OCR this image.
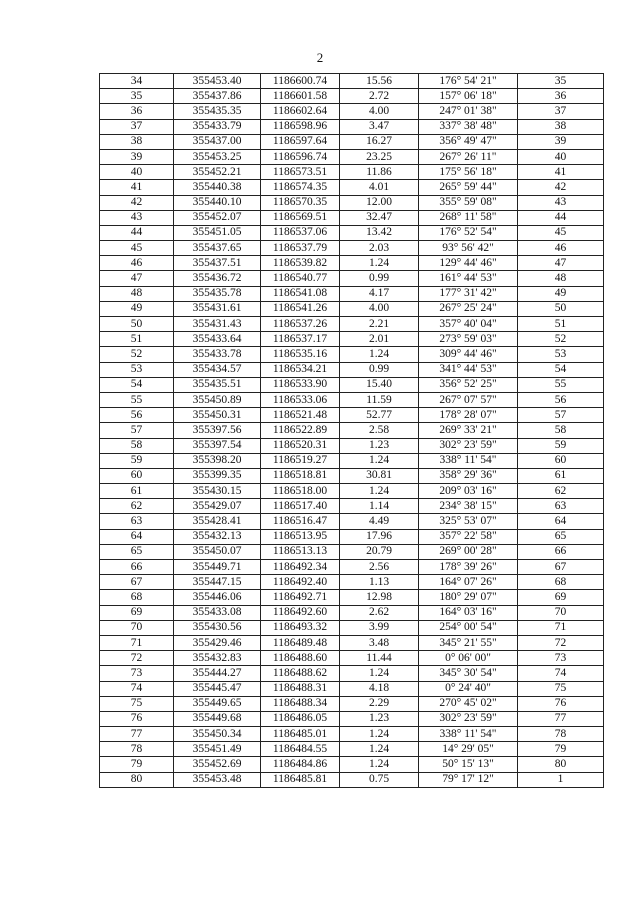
2
34	355453.40	1186600.74	15.56	176° 54' 21"	35
35	355437.86	1186601.58	2.72	157° 06' 18"	36
36	355435.35	1186602.64	4.00	247° 01' 38"	37
37	355433.79	1186598.96	3.47	337° 38' 48"	38
38	355437.00	1186597.64	16.27	356° 49' 47"	39
39	355453.25	1186596.74	23.25	267° 26' 11"	40
40	355452.21	1186573.51	11.86	175° 56' 18"	41
41	355440.38	1186574.35	4.01	265° 59' 44"	42
42	355440.10	1186570.35	12.00	355° 59' 08"	43
43	355452.07	1186569.51	32.47	268° 11' 58"	44
44	355451.05	1186537.06	13.42	176° 52' 54"	45
45	355437.65	1186537.79	2.03	93° 56' 42"	46
46	355437.51	1186539.82	1.24	129° 44' 46"	47
47	355436.72	1186540.77	0.99	161° 44' 53"	48
48	355435.78	1186541.08	4.17	177° 31' 42"	49
49	355431.61	1186541.26	4.00	267° 25' 24"	50
50	355431.43	1186537.26	2.21	357° 40' 04"	51
51	355433.64	1186537.17	2.01	273° 59' 03"	52
52	355433.78	1186535.16	1.24	309° 44' 46"	53
53	355434.57	1186534.21	0.99	341° 44' 53"	54
54	355435.51	1186533.90	15.40	356° 52' 25"	55
55	355450.89	1186533.06	11.59	267° 07' 57"	56
56	355450.31	1186521.48	52.77	178° 28' 07"	57
57	355397.56	1186522.89	2.58	269° 33' 21"	58
58	355397.54	1186520.31	1.23	302° 23' 59"	59
59	355398.20	1186519.27	1.24	338° 11' 54"	60
60	355399.35	1186518.81	30.81	358° 29' 36"	61
61	355430.15	1186518.00	1.24	209° 03' 16"	62
62	355429.07	1186517.40	1.14	234° 38' 15"	63
63	355428.41	1186516.47	4.49	325° 53' 07"	64
64	355432.13	1186513.95	17.96	357° 22' 58"	65
65	355450.07	1186513.13	20.79	269° 00' 28"	66
66	355449.71	1186492.34	2.56	178° 39' 26"	67
67	355447.15	1186492.40	1.13	164° 07' 26"	68
68	355446.06	1186492.71	12.98	180° 29' 07"	69
69	355433.08	1186492.60	2.62	164° 03' 16"	70
70	355430.56	1186493.32	3.99	254° 00' 54"	71
71	355429.46	1186489.48	3.48	345° 21' 55"	72
72	355432.83	1186488.60	11.44	0° 06' 00"	73
73	355444.27	1186488.62	1.24	345° 30' 54"	74
74	355445.47	1186488.31	4.18	0° 24' 40"	75
75	355449.65	1186488.34	2.29	270° 45' 02"	76
76	355449.68	1186486.05	1.23	302° 23' 59"	77
77	355450.34	1186485.01	1.24	338° 11' 54"	78
78	355451.49	1186484.55	1.24	14° 29' 05"	79
79	355452.69	1186484.86	1.24	50° 15' 13"	80
80	355453.48	1186485.81	0.75	79° 17' 12"	1
